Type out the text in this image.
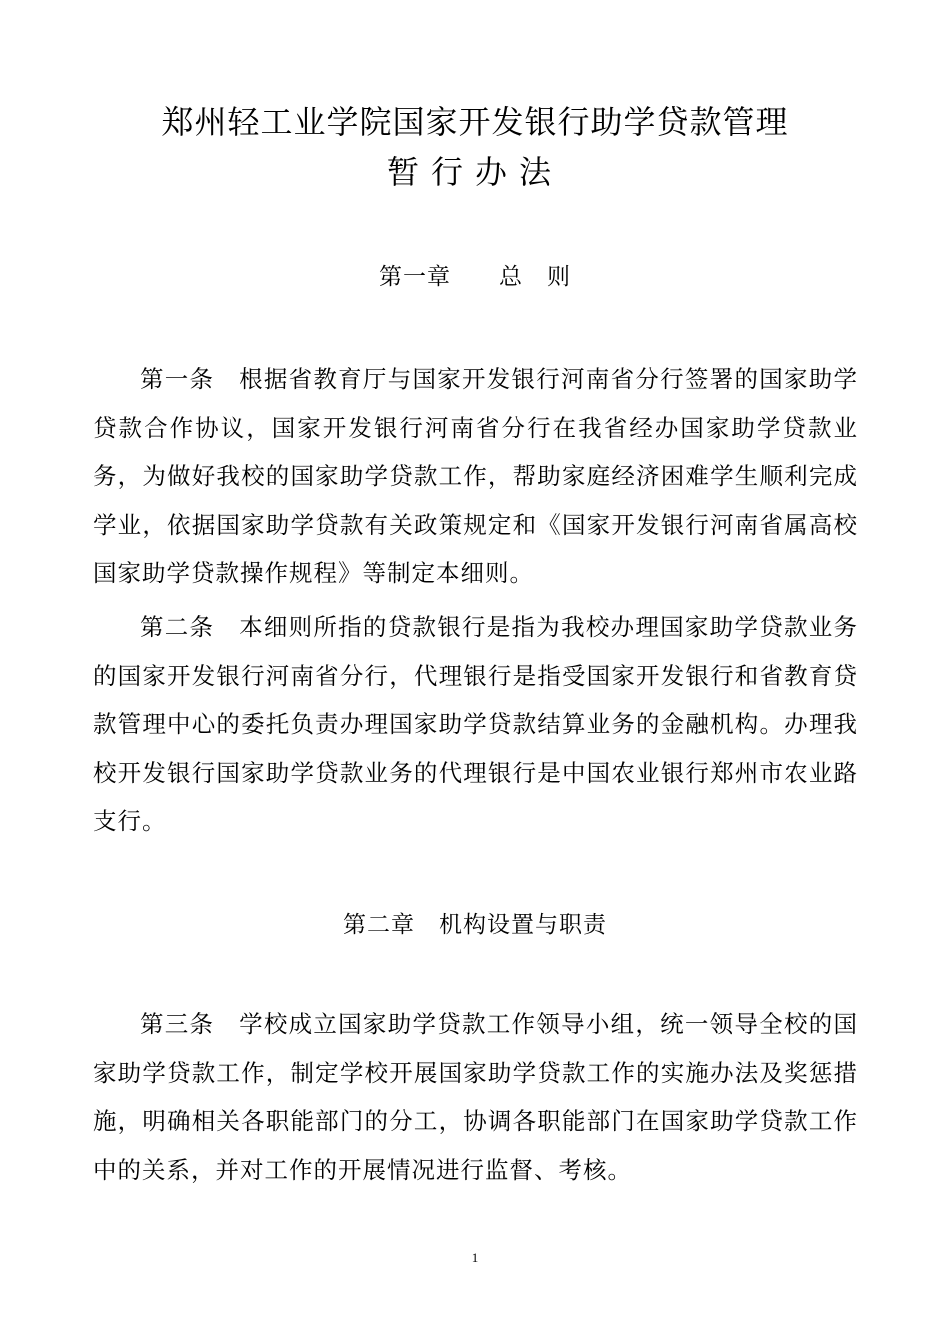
郑州轻工业学院国家开发银行助学贷款管理
暂行办法
第一章　　 总　则

第一条　 根据省教育厅与国家开发银行河南省分行签署的国家助学贷款合作协议，国家开发银行河南省分行在我省经办国家助学贷款业务，为做好我校的国家助学贷款工作，帮助家庭经济困难学生顺利完成学业，依据国家助学贷款有关政策规定和《国家开发银行河南省属高校国家助学贷款操作规程》等制定本细则。

第二条　 本细则所指的贷款银行是指为我校办理国家助学贷款业务的国家开发银行河南省分行，代理银行是指受国家开发银行和省教育贷款管理中心的委托负责办理国家助学贷款结算业务的金融机构。办理我校开发银行国家助学贷款业务的代理银行是中国农业银行郑州市农业路支行。

第二章　 机构设置与职责

第三条　 学校成立国家助学贷款工作领导小组，统一领导全校的国家助学贷款工作，制定学校开展国家助学贷款工作的实施办法及奖惩措施，明确相关各职能部门的分工，协调各职能部门在国家助学贷款工作中的关系，并对工作的开展情况进行监督、考核。

1
